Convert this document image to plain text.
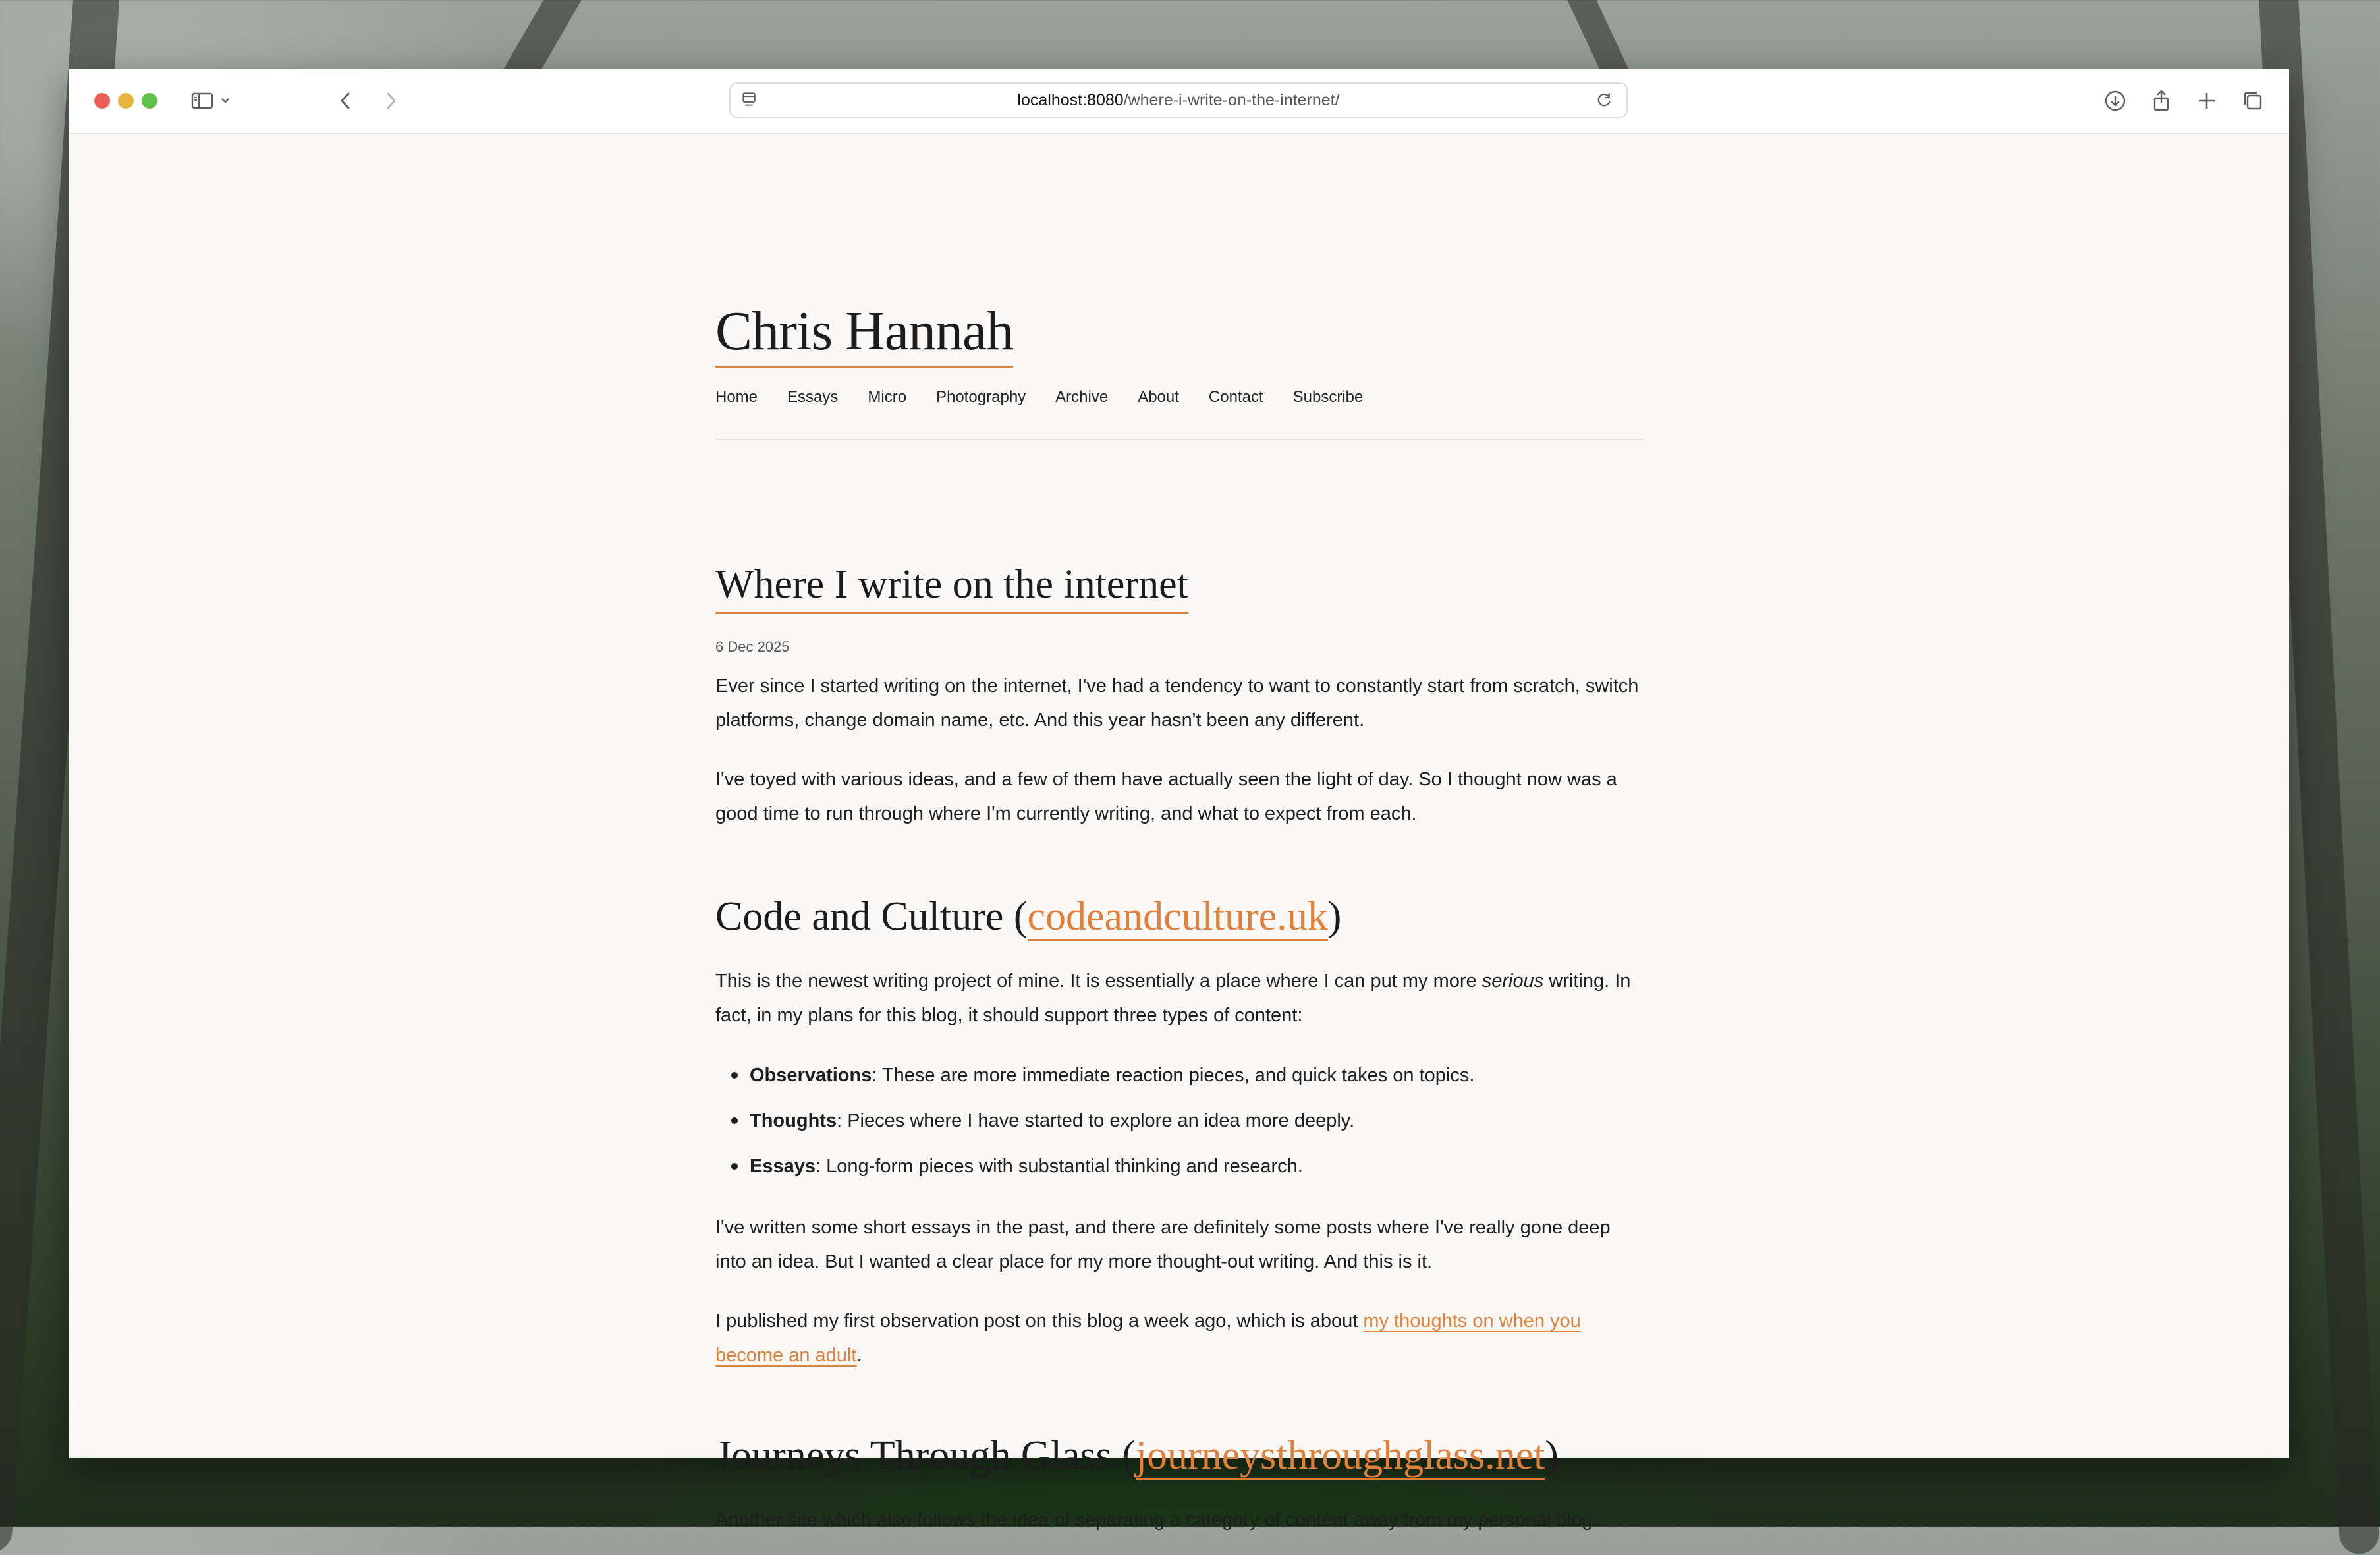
localhost:8080/where-i-write-on-the-internet/
Chris Hannah
Home Essays Micro Photography Archive About Contact Subscribe
Where I write on the internet
6 Dec 2025

Ever since I started writing on the internet, I've had a tendency to want to constantly start from scratch, switch platforms, change domain name, etc. And this year hasn't been any different.

I've toyed with various ideas, and a few of them have actually seen the light of day. So I thought now was a good time to run through where I'm currently writing, and what to expect from each.

Code and Culture (codeandculture.uk)

This is the newest writing project of mine. It is essentially a place where I can put my more serious writing. In fact, in my plans for this blog, it should support three types of content:

Observations: These are more immediate reaction pieces, and quick takes on topics.
Thoughts: Pieces where I have started to explore an idea more deeply.
Essays: Long-form pieces with substantial thinking and research.

I've written some short essays in the past, and there are definitely some posts where I've really gone deep into an idea. But I wanted a clear place for my more thought-out writing. And this is it.

I published my first observation post on this blog a week ago, which is about my thoughts on when you become an adult.

Journeys Through Glass (journeysthroughglass.net)

Another site which also follows the idea of separating a category of content away from my personal blog.
